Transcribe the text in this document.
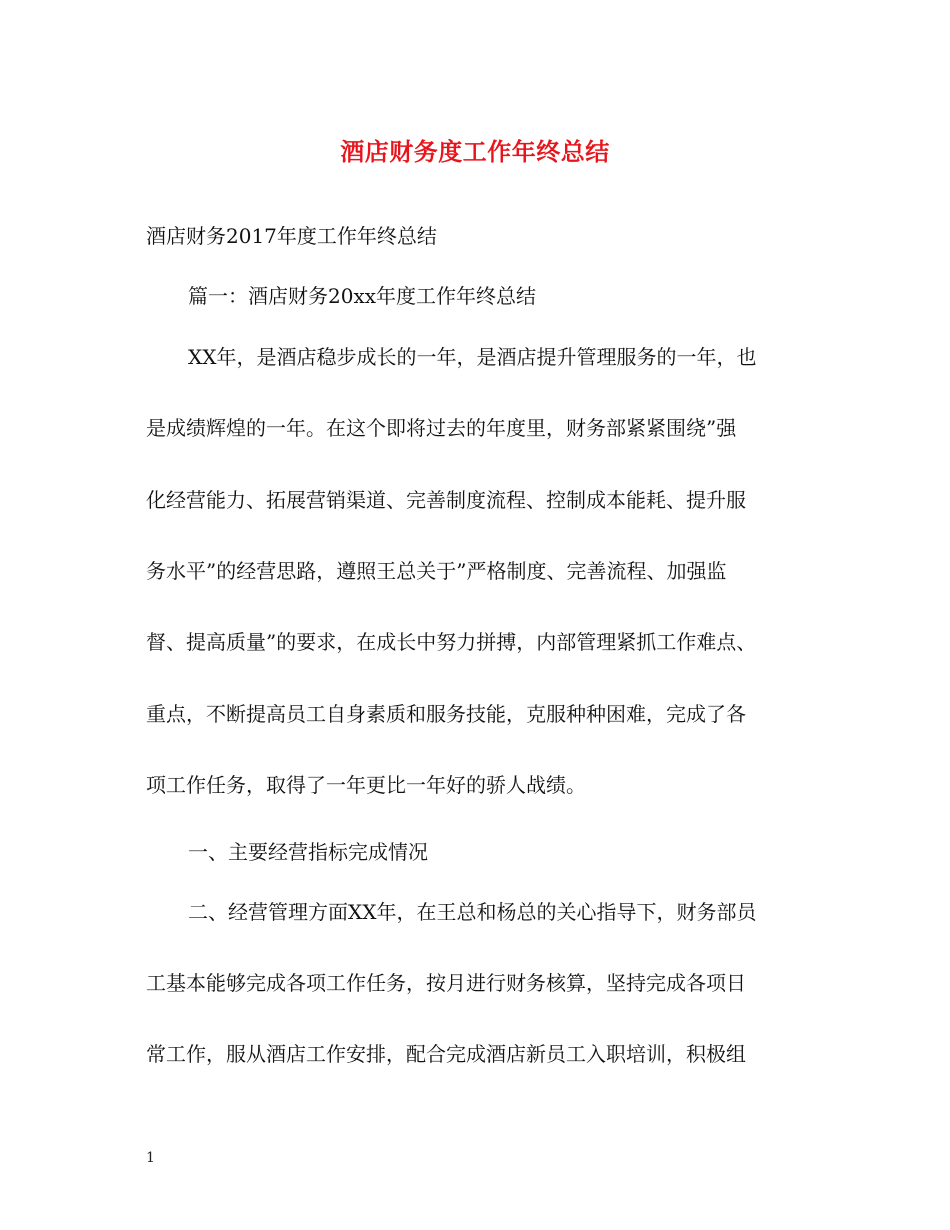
酒店财务度工作年终总结
酒店财务2017年度工作年终总结
篇一：酒店财务20xx年度工作年终总结
XX年，是酒店稳步成长的一年，是酒店提升管理服务的一年，也
是成绩辉煌的一年。在这个即将过去的年度里，财务部紧紧围绕”强
化经营能力、拓展营销渠道、完善制度流程、控制成本能耗、提升服
务水平”的经营思路，遵照王总关于”严格制度、完善流程、加强监
督、提高质量”的要求，在成长中努力拼搏，内部管理紧抓工作难点、
重点，不断提高员工自身素质和服务技能，克服种种困难，完成了各
项工作任务，取得了一年更比一年好的骄人战绩。
一、主要经营指标完成情况
二、经营管理方面XX年，在王总和杨总的关心指导下，财务部员
工基本能够完成各项工作任务，按月进行财务核算，坚持完成各项日
常工作，服从酒店工作安排，配合完成酒店新员工入职培训，积极组
1
